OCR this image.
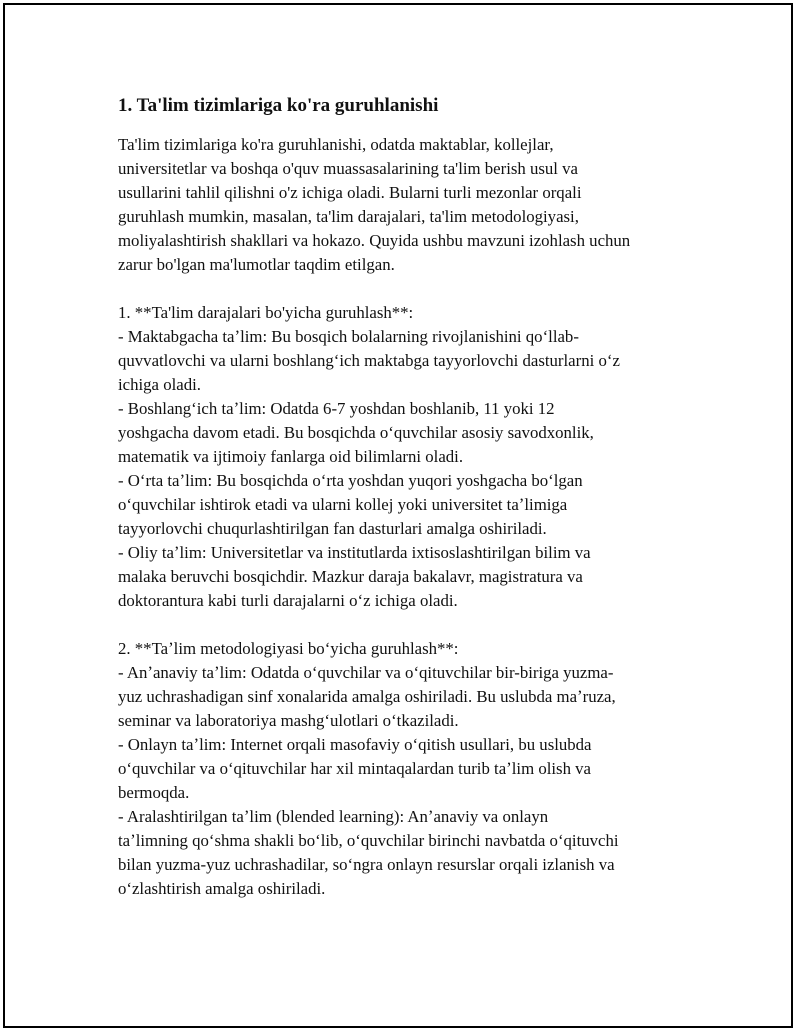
1. Ta'lim tizimlariga ko'ra guruhlanishi

Ta'lim tizimlariga ko'ra guruhlanishi, odatda maktablar, kollejlar,
universitetlar va boshqa o'quv muassasalarining ta'lim berish usul va
usullarini tahlil qilishni o'z ichiga oladi. Bularni turli mezonlar orqali
guruhlash mumkin, masalan, ta'lim darajalari, ta'lim metodologiyasi,
moliyalashtirish shakllari va hokazo. Quyida ushbu mavzuni izohlash uchun
zarur bo'lgan ma'lumotlar taqdim etilgan.

1. **Ta'lim darajalari bo'yicha guruhlash**:
- Maktabgacha taʼlim: Bu bosqich bolalarning rivojlanishini qoʻllab-
quvvatlovchi va ularni boshlangʻich maktabga tayyorlovchi dasturlarni oʻz
ichiga oladi.
- Boshlangʻich taʼlim: Odatda 6-7 yoshdan boshlanib, 11 yoki 12
yoshgacha davom etadi. Bu bosqichda oʻquvchilar asosiy savodxonlik,
matematik va ijtimoiy fanlarga oid bilimlarni oladi.
- Oʻrta taʼlim: Bu bosqichda oʻrta yoshdan yuqori yoshgacha boʻlgan
oʻquvchilar ishtirok etadi va ularni kollej yoki universitet taʼlimiga
tayyorlovchi chuqurlashtirilgan fan dasturlari amalga oshiriladi.
- Oliy taʼlim: Universitetlar va institutlarda ixtisoslashtirilgan bilim va
malaka beruvchi bosqichdir. Mazkur daraja bakalavr, magistratura va
doktorantura kabi turli darajalarni oʻz ichiga oladi.

2. **Taʼlim metodologiyasi boʻyicha guruhlash**:
- Anʼanaviy taʼlim: Odatda oʻquvchilar va oʻqituvchilar bir-biriga yuzma-
yuz uchrashadigan sinf xonalarida amalga oshiriladi. Bu uslubda maʼruza,
seminar va laboratoriya mashgʻulotlari oʻtkaziladi.
- Onlayn taʼlim: Internet orqali masofaviy oʻqitish usullari, bu uslubda
oʻquvchilar va oʻqituvchilar har xil mintaqalardan turib taʼlim olish va
bermoqda.
- Aralashtirilgan taʼlim (blended learning): Anʼanaviy va onlayn
taʼlimning qoʻshma shakli boʻlib, oʻquvchilar birinchi navbatda oʻqituvchi
bilan yuzma-yuz uchrashadilar, soʻngra onlayn resurslar orqali izlanish va
oʻzlashtirish amalga oshiriladi.
